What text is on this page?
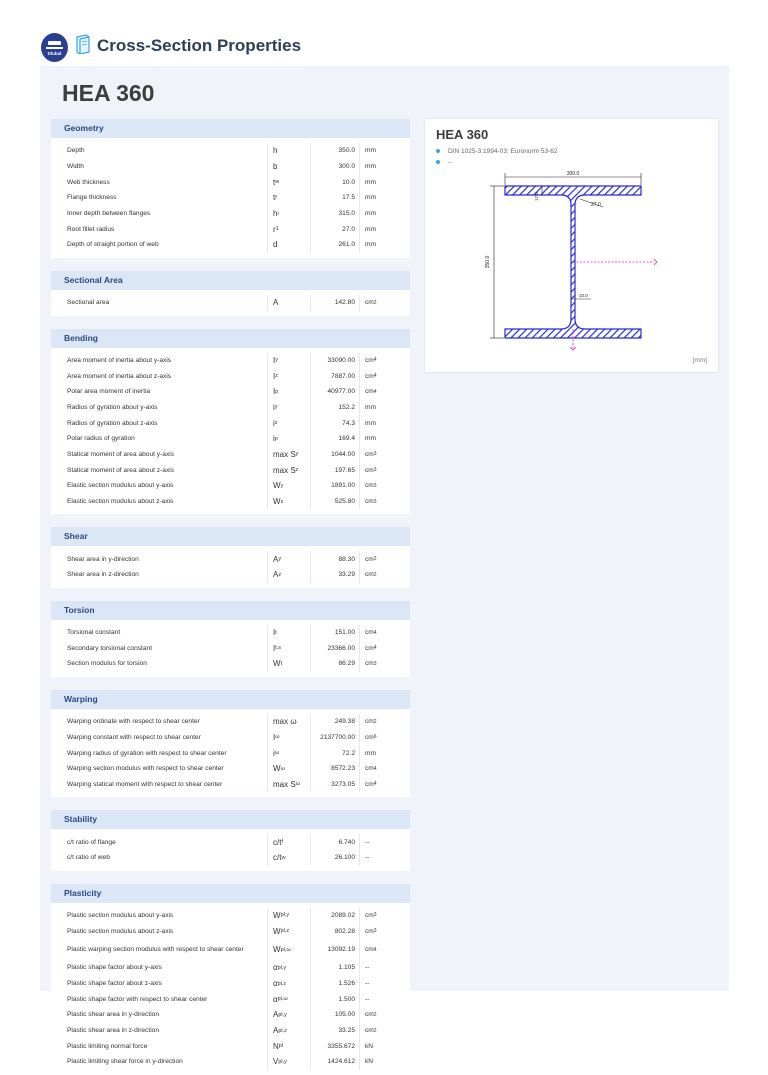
Dlubal	Cross-Section Properties
HEA 360
Geometry
Depth	h	350.0	mm
Width	b	300.0	mm
Web thickness	t w	10.0	mm
Flange thickness	t f	17.5	mm
Inner depth between flanges	h i	315.0	mm
Root fillet radius	r 1	27.0	mm
Depth of straight portion of web	d	261.0	mm
Sectional Area
Sectional area	A	142.80	cm 2
Bending
Area moment of inertia about y-axis	I y	33090.00	cm 4
Area moment of inertia about z-axis	I z	7887.00	cm 4
Polar area moment of inertia	I p	40977.00	cm 4
Radius of gyration about y-axis	i y	152.2	mm
Radius of gyration about z-axis	i z	74.3	mm
Polar radius of gyration	i p	169.4	mm
Statical moment of area about y-axis	max S y	1044.00	cm 3
Statical moment of area about z-axis	max S z	197.65	cm 3
Elastic section modulus about y-axis	W y	1891.00	cm 3
Elastic section modulus about z-axis	W z	525.80	cm 3
Shear
Shear area in y-direction	A y	88.30	cm 2
Shear area in z-direction	A z	33.29	cm 2
Torsion
Torsional constant	I t	151.00	cm 4
Secondary torsional constant	I t,s	23366.00	cm 4
Section modulus for torsion	W t	86.29	cm 3
Warping
Warping ordinate with respect to shear center	max ω	249.38	cm 2
Warping constant with respect to shear center	I ω	2137700.00	cm 6
Warping radius of gyration with respect to shear center	i ω	72.2	mm
Warping section modulus with respect to shear center	W ω	8572.23	cm 4
Warping statical moment with respect to shear center	max S ω	3273.05	cm 4
Stability
c/t ratio of flange	c/t f	6.740	--
c/t ratio of web	c/t w	26.100	--
Plasticity
Plastic section modulus about y-axis	W pl,y	2089.02	cm 3
Plastic section modulus about z-axis	W pl,z	802.28	cm 3
Plastic warping section modulus with respect to shear center	W pl,ω	13092.19	cm 4
Plastic shape factor about y-axis	α pl,y	1.105	--
Plastic shape factor about z-axis	α pl,z	1.526	--
Plastic shape factor with respect to shear center	α pl,ω	1.500	--
Plastic shear area in y-direction	A pl,y	105.00	cm 2
Plastic shear area in z-direction	A pl,z	33.25	cm 2
Plastic limiting normal force	N pl	3355.672	kN
Plastic limiting shear force in y-direction	V pl,y	1424.612	kN
HEA 360
DIN 1025-3:1994-03; Euronorm 53-62
--
300.0
350.0
17.5
27.0
10.0
[mm]
